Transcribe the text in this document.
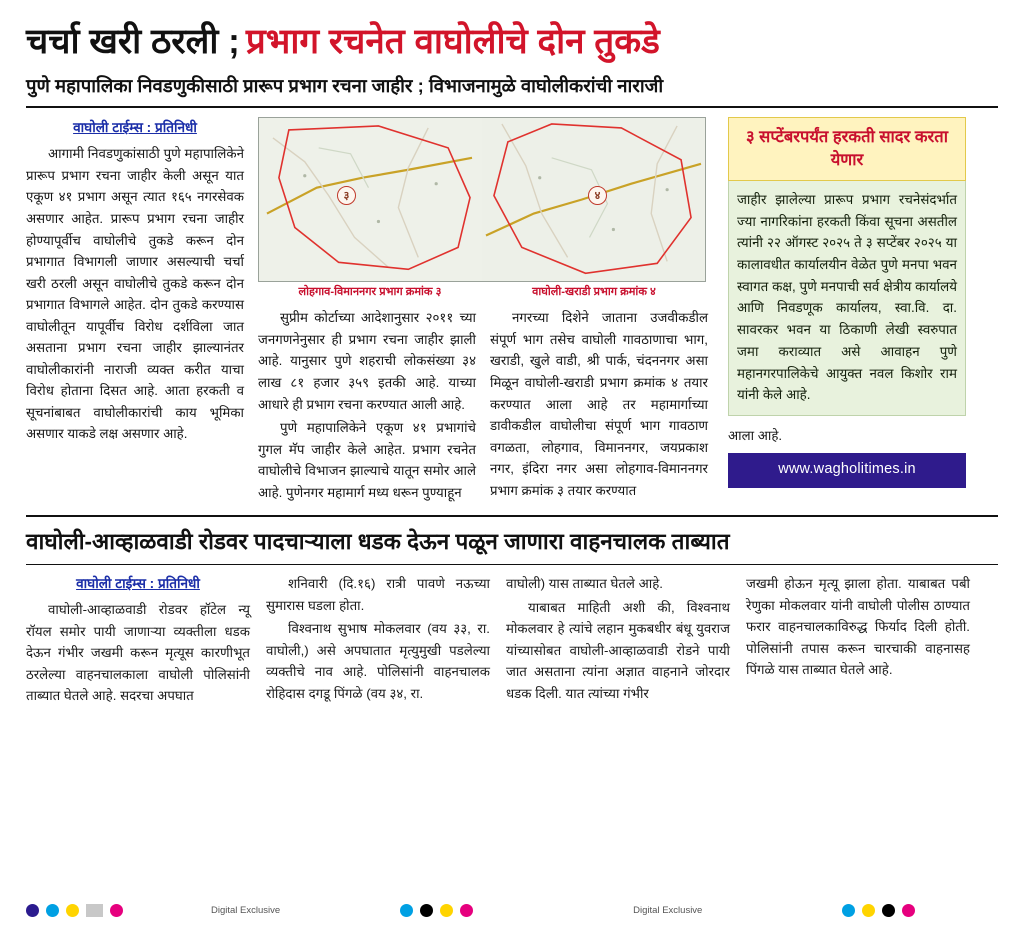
चर्चा खरी ठरली ; प्रभाग रचनेत वाघोलीचे दोन तुकडे
पुणे महापालिका निवडणुकीसाठी प्रारूप प्रभाग रचना जाहीर ; विभाजनामुळे वाघोलीकरांची नाराजी
वाघोली टाईम्स : प्रतिनिधी

आगामी निवडणुकांसाठी पुणे महापालिकेने प्रारूप प्रभाग रचना जाहीर केली असून यात एकूण ४१ प्रभाग असून त्यात १६५ नगरसेवक असणार आहेत. प्रारूप प्रभाग रचना जाहीर होण्यापूर्वीच वाघोलीचे तुकडे करून दोन प्रभागात विभागली जाणार असल्याची चर्चा खरी ठरली असून वाघोलीचे तुकडे करून दोन प्रभागात विभागले आहेत. दोन तुकडे करण्यास वाघोलीतून यापूर्वीच विरोध दर्शविला जात असताना प्रभाग रचना जाहीर झाल्यानंतर वाघोलीकारांनी नाराजी व्यक्त करीत याचा विरोध होताना दिसत आहे. आता हरकती व सूचनांबाबत वाघोलीकारांची काय भूमिका असणार याकडे लक्ष असणार आहे.

३	४
लोहगाव-विमाननगर प्रभाग क्रमांक ३	वाघोली-खराडी प्रभाग क्रमांक ४

सुप्रीम कोर्टाच्या आदेशानुसार २०११ च्या जनगणनेनुसार ही प्रभाग रचना जाहीर झाली आहे. यानुसार पुणे शहराची लोकसंख्या ३४ लाख ८१ हजार ३५९ इतकी आहे. याच्या आधारे ही प्रभाग रचना करण्यात आली आहे.

पुणे महापालिकेने एकूण ४१ प्रभागांचे गुगल मॅप जाहीर केले आहेत. प्रभाग रचनेत वाघोलीचे विभाजन झाल्याचे यातून समोर आले आहे. पुणेनगर महामार्ग मध्य धरून पुण्याहून

नगरच्या दिशेने जाताना उजवीकडील संपूर्ण भाग तसेच वाघोली गावठाणाचा भाग, खराडी, खुले वाडी, श्री पार्क, चंदननगर असा मिळून वाघोली-खराडी प्रभाग क्रमांक ४ तयार करण्यात आला आहे तर महामार्गाच्या डावीकडील वाघोलीचा संपूर्ण भाग गावठाण वगळता, लोहगाव, विमाननगर, जयप्रकाश नगर, इंदिरा नगर असा लोहगाव-विमाननगर प्रभाग क्रमांक ३ तयार करण्यात

३ सप्टेंबरपर्यंत हरकती सादर करता येणार
जाहीर झालेल्या प्रारूप प्रभाग रचनेसंदर्भात ज्या नागरिकांना हरकती किंवा सूचना असतील त्यांनी २२ ऑगस्ट २०२५ ते ३ सप्टेंबर २०२५ या कालावधीत कार्यालयीन वेळेत पुणे मनपा भवन स्वागत कक्ष, पुणे मनपाची सर्व क्षेत्रीय कार्यालये आणि निवडणूक कार्यालय, स्वा.वि. दा. सावरकर भवन या ठिकाणी लेखी स्वरुपात जमा कराव्यात असे आवाहन पुणे महानगरपालिकेचे आयुक्त नवल किशोर राम यांनी केले आहे.
आला आहे.
www.wagholitimes.in
वाघोली-आव्हाळवाडी रोडवर पादचाऱ्याला धडक देऊन पळून जाणारा वाहनचालक ताब्यात
वाघोली टाईम्स : प्रतिनिधी

वाघोली-आव्हाळवाडी रोडवर हॉटेल न्यू रॉयल समोर पायी जाणाऱ्या व्यक्तीला धडक देऊन गंभीर जखमी करून मृत्यूस कारणीभूत ठरलेल्या वाहनचालकाला वाघोली पोलिसांनी ताब्यात घेतले आहे. सदरचा अपघात

शनिवारी (दि.१६) रात्री पावणे नऊच्या सुमारास घडला होता.

विश्वनाथ सुभाष मोकलवार (वय ३३, रा. वाघोली,) असे अपघातात मृत्युमुखी पडलेल्या व्यक्तीचे नाव आहे. पोलिसांनी वाहनचालक रोहिदास दगडू पिंगळे (वय ३४, रा.

वाघोली) यास ताब्यात घेतले आहे.

याबाबत माहिती अशी की, विश्वनाथ मोकलवार हे त्यांचे लहान मुकबधीर बंधू युवराज यांच्यासोबत वाघोली-आव्हाळवाडी रोडने पायी जात असताना त्यांना अज्ञात वाहनाने जोरदार धडक दिली. यात त्यांच्या गंभीर

जखमी होऊन मृत्यू झाला होता. याबाबत पबी रेणुका मोकलवार यांनी वाघोली पोलीस ठाण्यात फरार वाहनचालकाविरुद्ध फिर्याद दिली होती. पोलिसांनी तपास करून चारचाकी वाहनासह पिंगळे यास ताब्यात घेतले आहे.

Digital Exclusive	Digital Exclusive
